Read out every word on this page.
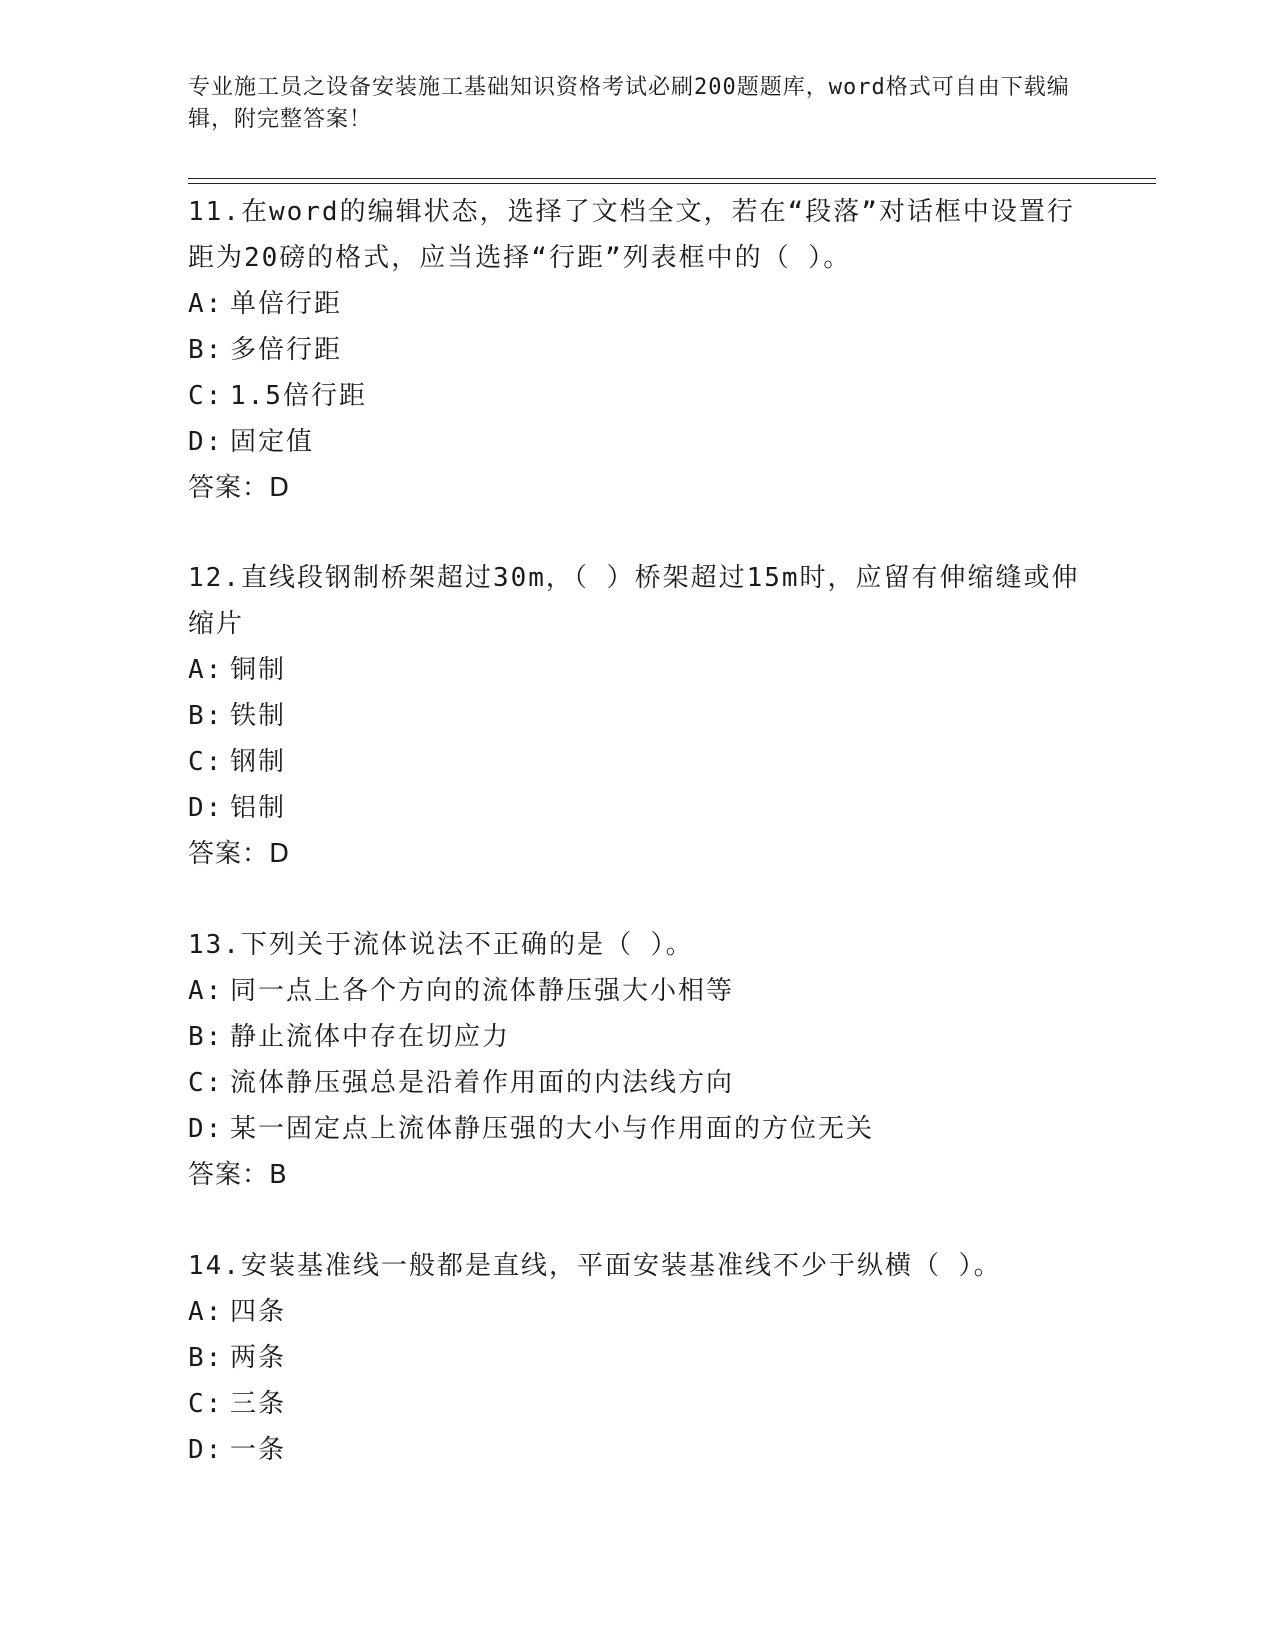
专业施工员之设备安装施工基础知识资格考试必刷200题题库，word格式可自由下载编辑，附完整答案！

11.在word的编辑状态，选择了文档全文，若在“段落”对话框中设置行距为20磅的格式，应当选择“行距”列表框中的（ ）。

A: 单倍行距
B: 多倍行距
C: 1.5倍行距
D: 固定值
答案：D

12.直线段钢制桥架超过30m，（ ）桥架超过15m时，应留有伸缩缝或伸缩片

A: 铜制
B: 铁制
C: 钢制
D: 铝制
答案：D

13.下列关于流体说法不正确的是（ ）。

A: 同一点上各个方向的流体静压强大小相等
B: 静止流体中存在切应力
C: 流体静压强总是沿着作用面的内法线方向
D: 某一固定点上流体静压强的大小与作用面的方位无关
答案：B

14.安装基准线一般都是直线，平面安装基准线不少于纵横（ ）。

A: 四条
B: 两条
C: 三条
D: 一条
